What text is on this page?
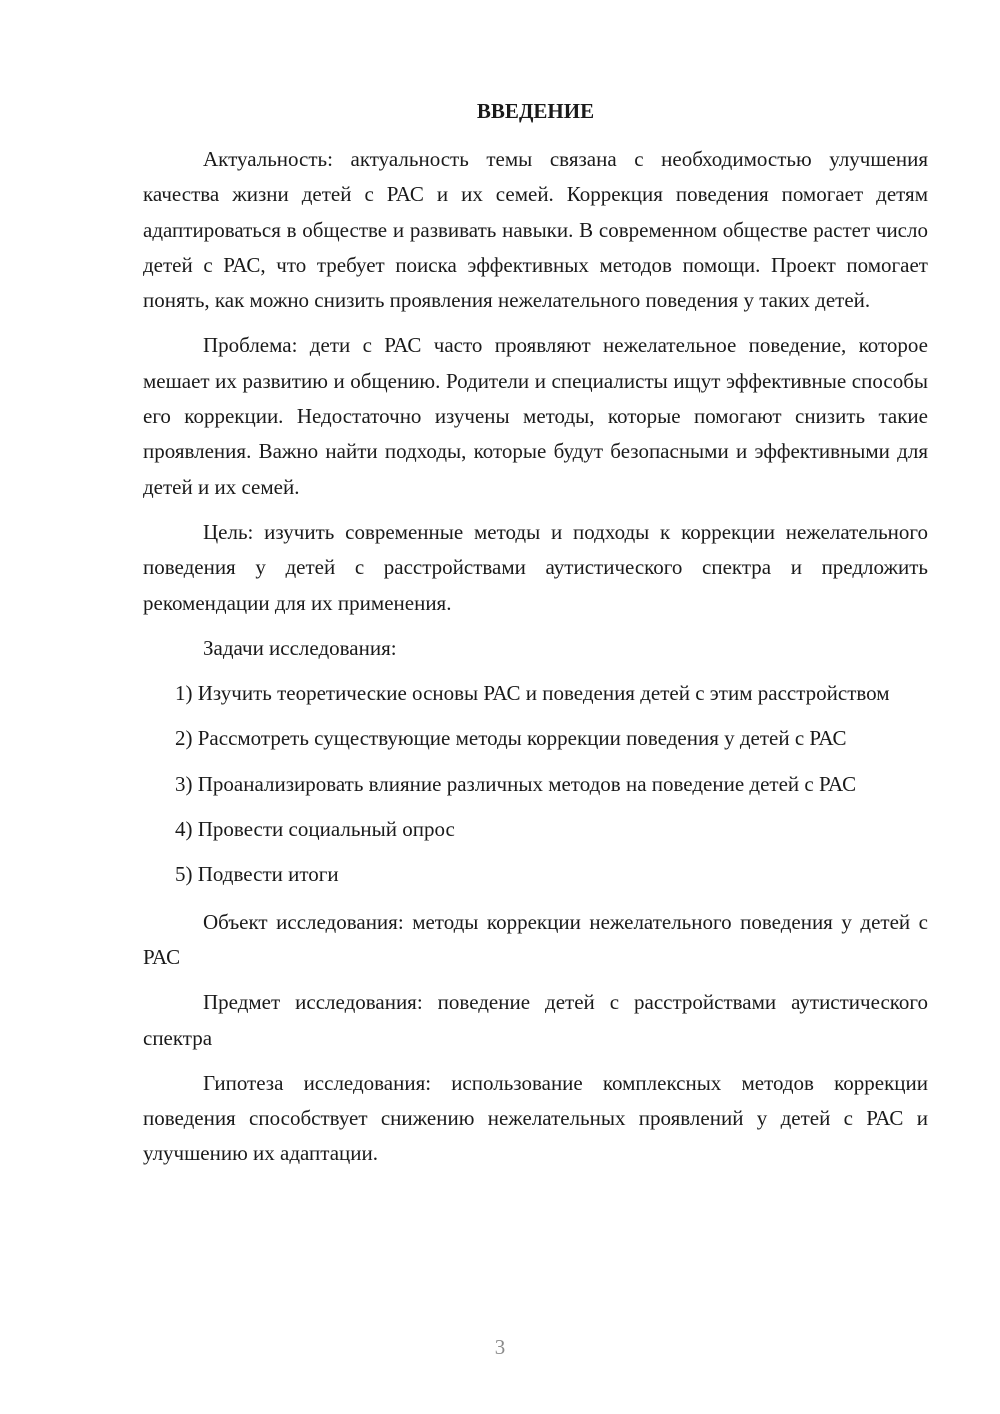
ВВЕДЕНИЕ

Актуальность: актуальность темы связана с необходимостью улучшения качества жизни детей с РАС и их семей. Коррекция поведения помогает детям адаптироваться в обществе и развивать навыки. В современном обществе растет число детей с РАС, что требует поиска эффективных методов помощи. Проект помогает понять, как можно снизить проявления нежелательного поведения у таких детей.

Проблема: дети с РАС часто проявляют нежелательное поведение, которое мешает их развитию и общению. Родители и специалисты ищут эффективные способы его коррекции. Недостаточно изучены методы, которые помогают снизить такие проявления. Важно найти подходы, которые будут безопасными и эффективными для детей и их семей.

Цель: изучить современные методы и подходы к коррекции нежелательного поведения у детей с расстройствами аутистического спектра и предложить рекомендации для их применения.

Задачи исследования:

1) Изучить теоретические основы РАС и поведения детей с этим расстройством

2) Рассмотреть существующие методы коррекции поведения у детей с РАС

3) Проанализировать влияние различных методов на поведение детей с РАС

4) Провести социальный опрос

5) Подвести итоги

Объект исследования: методы коррекции нежелательного поведения у детей с РАС

Предмет исследования: поведение детей с расстройствами аутистического спектра

Гипотеза исследования: использование комплексных методов коррекции поведения способствует снижению нежелательных проявлений у детей с РАС и улучшению их адаптации.

3
